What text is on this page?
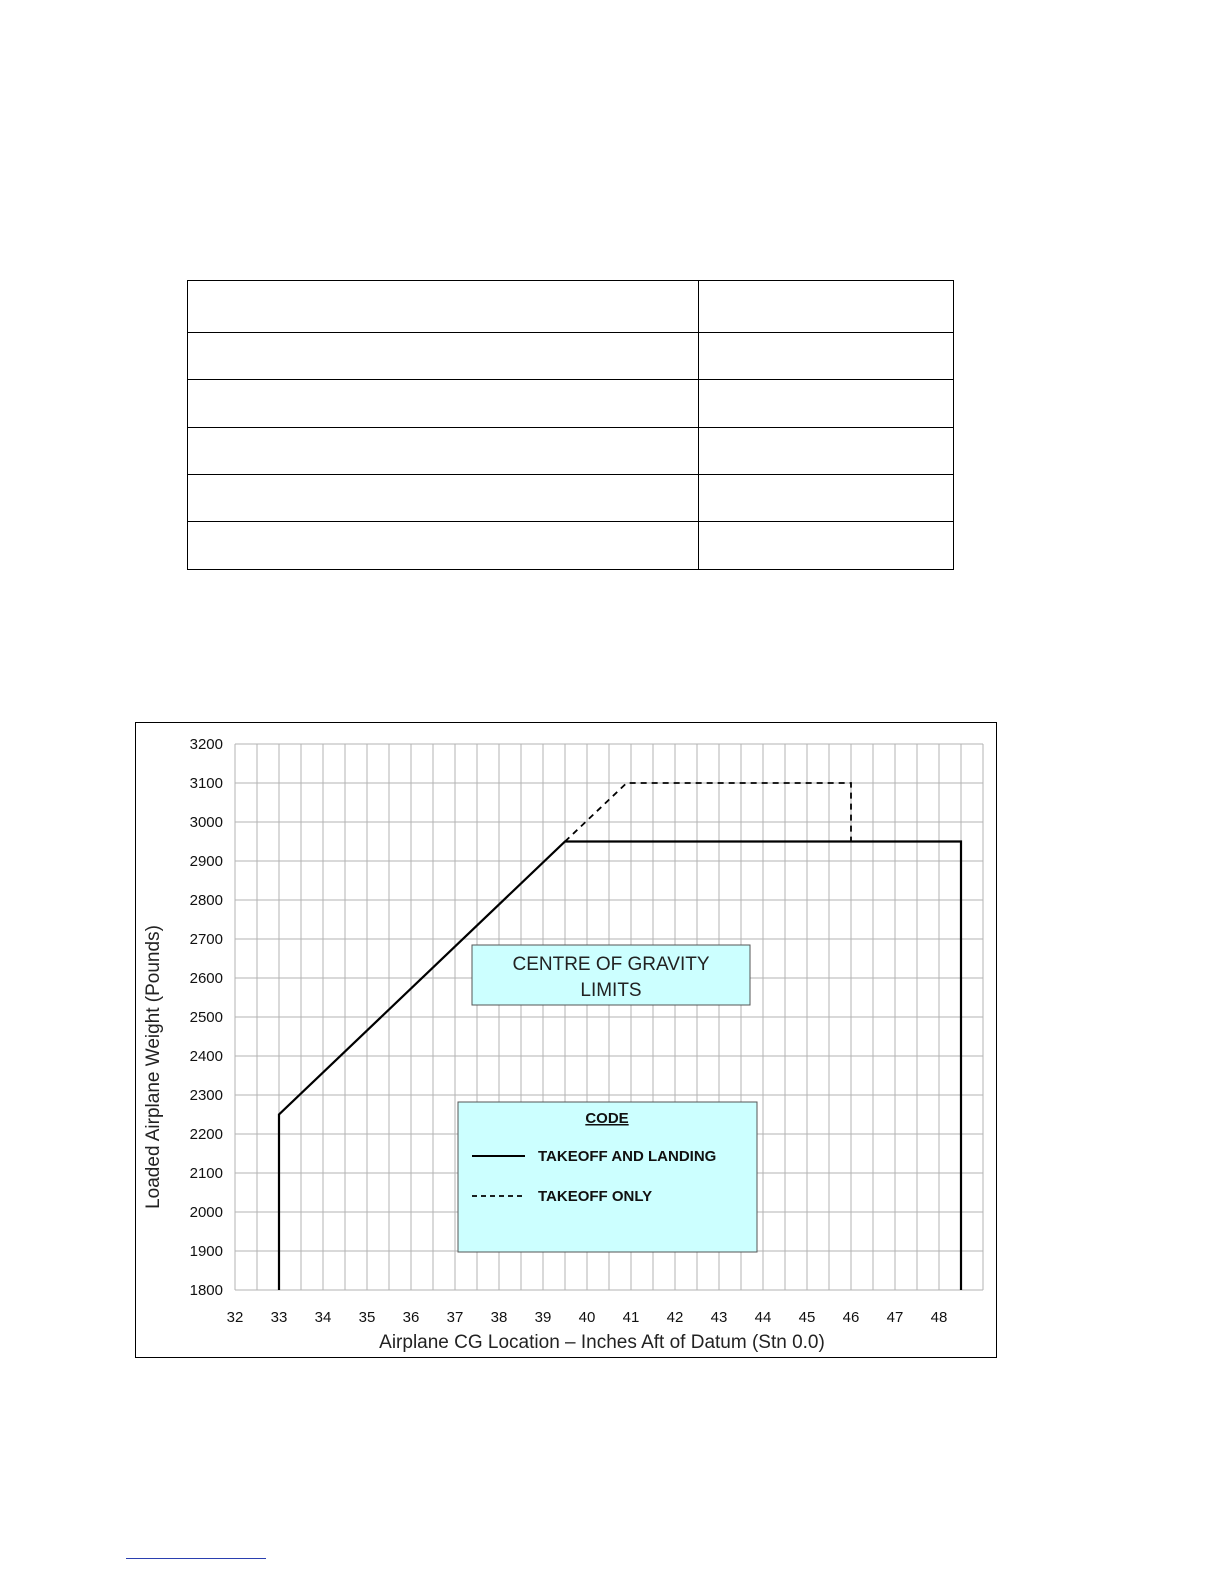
32 33 34 35 36 37 38 39 40 41 42 43 44 45 46 47 48
1800
1900
2000
2100
2200
2300
2400
2500
2600
2700
2800
2900
3000
3100
3200
CENTRE OF GRAVITY
LIMITS
CODE
TAKEOFF AND LANDING
TAKEOFF ONLY
Airplane CG Location – Inches Aft of Datum (Stn 0.0)
Loaded Airplane Weight (Pounds)
